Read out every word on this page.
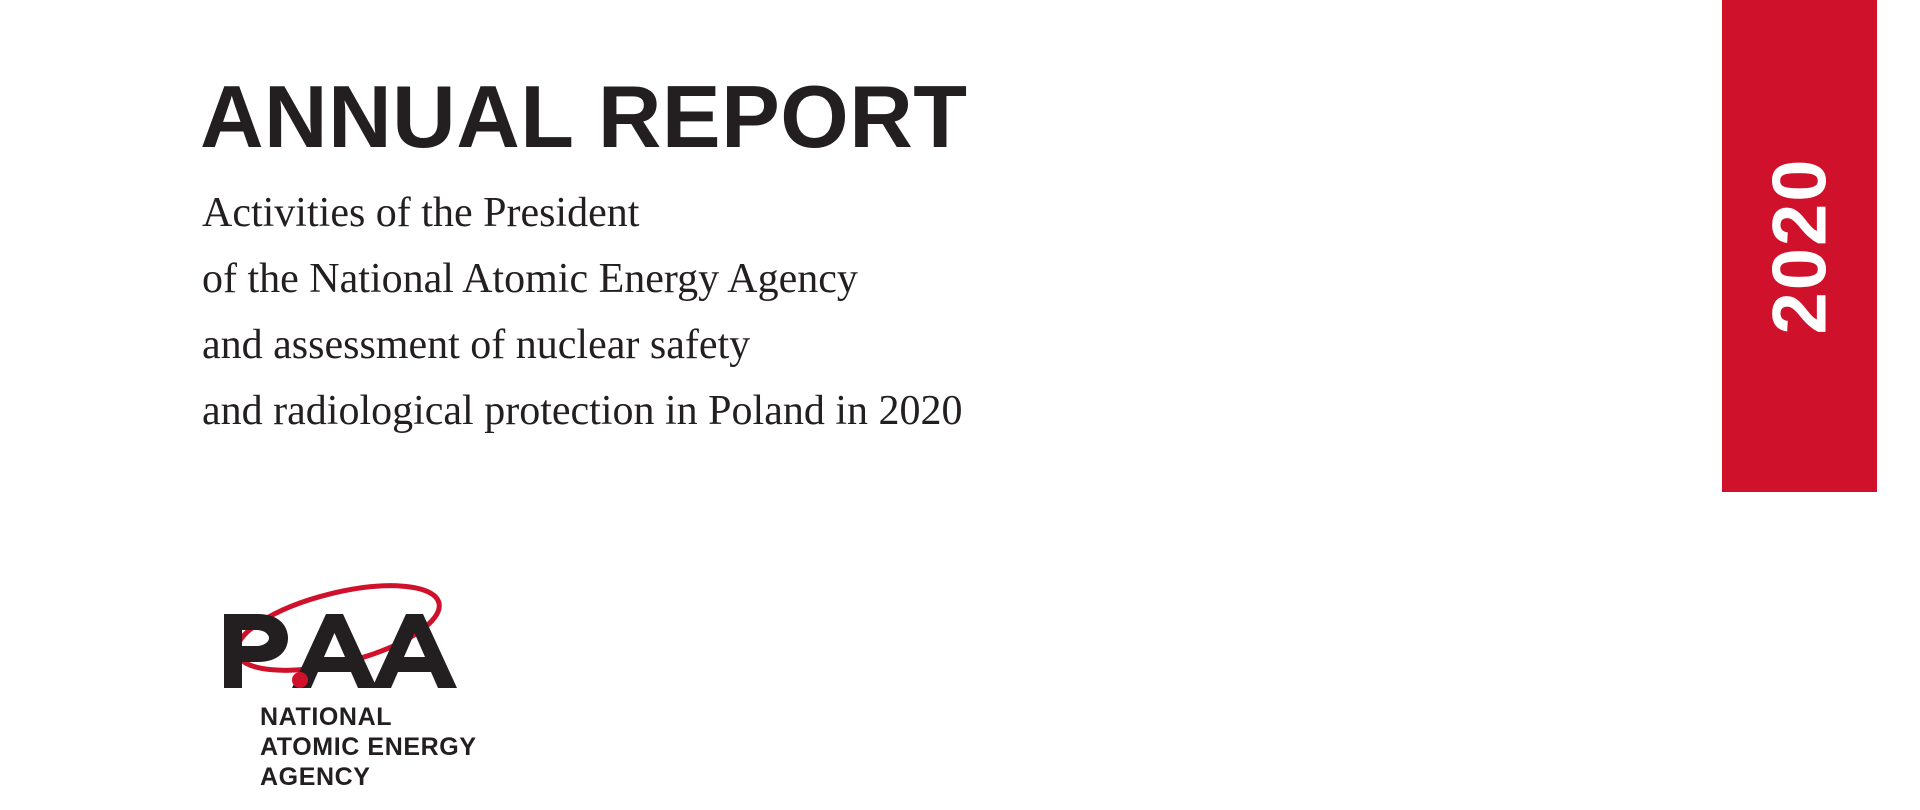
ANNUAL REPORT
Activities of the President
of the National Atomic Energy Agency
and assessment of nuclear safety
and radiological protection in Poland in 2020
2020
NATIONAL
ATOMIC ENERGY
AGENCY
